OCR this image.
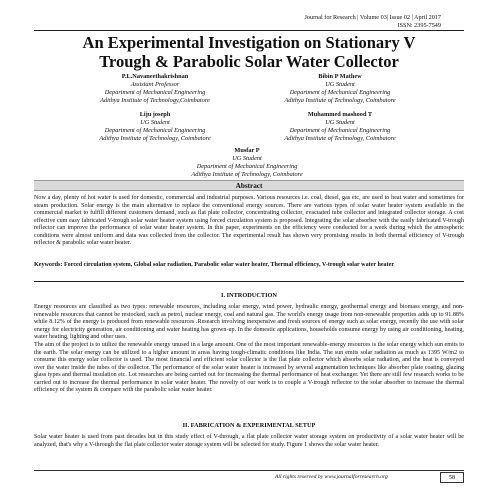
Journal for Research | Volume 03| Issue 02 | April 2017
ISSN: 2395-7549
An Experimental Investigation on Stationary V
Trough & Parabolic Solar Water Collector
P.L.Navaneethakrishnan
Assistant Professor
Department of Mechanical Engineering
Adithya Institute of Technology,Coimbatore
Bibin P Mathew
UG Student
Department of Mechanical Engineering
Adithya Institute of Technology, Coimbatore
Liju joseph
UG Student
Department of Mechanical Engineering
Adithya Institute of Technology, Coimbatore
Muhammed mashood T
UG Student
Department of Mechanical Engineering
Adithya Institute of Technology, Coimbatore
Musfar P
UG Student
Department of Mechanical Engineering
Adithya Institute of Technology, Coimbatore
Abstract
Now a day, plenty of hot water is used for domestic, commercial and industrial purposes. Various resources i.e. coal, diesel, gas etc, are used to heat water and sometimes for steam production. Solar energy is the main alternative to replace the conventional energy sources. There are various types of solar water heater system available in the commercial market to fulfill different customers demand, such as flat plate collector, concentrating collector, evacuated tube collector and integrated collector storage. A cost effective cum easy fabricated V-trough solar water heater system using forced circulation system is proposed. Integrating the solar absorber with the easily fabricated V-trough reflector can improve the performance of solar water heater system. In this paper, experiments on the efficiency were conducted for a week during which the atmospheric conditions were almost uniform and data was collected from the collector. The experimental result has shown very promising results in both thermal efficiency of V-trough reflector & parabolic solar water heater.
Keywords: Forced circulation system, Global solar radiation, Parabolic solar water heater, Thermal efficiency, V-trough solar water heater
I. INTRODUCTION
Energy resources are classified as two types: renewable resources, including solar energy, wind power, hydraulic energy, geothermal energy and biomass energy, and non-renewable resources that cannot be restocked, such as petrol, nuclear energy, coal and natural gas. The world's energy usage from non-renewable properties adds up to 91.88% while 8.12% of the energy is produced from renewable resources .Research involving inexpensive and fresh sources of energy such as solar energy, recently the use with solar energy for electricity generation, air conditioning and water heating has grown-up. In the domestic applications, households consume energy by using air conditioning, heating, water heating, lighting and other uses.
The aim of the project is to utilize the renewable energy unused in a large amount. One of the most important renewable-energy resources is the solar energy which sun emits to the earth. The solar energy can be utilized to a higher amount in areas having tough-climatic conditions like India. The sun emits solar radiation as much as 1395 W/m2 to consume this energy solar collector is used. The most financial and efficient solar collector is the flat plate collector which absorbs solar radiation, and the heat is conveyed over the water inside the tubes of the collector. The performance of the solar water heater is increased by several augmentation techniques like absorber plate coating, glazing glass types and thermal insulation etc. Lot researches are being carried out for increasing the thermal performance of heat exchanger. Yet there are still few research works to be carried out to increase the thermal performance in solar water heater. The novelty of our work is to couple a V-trough reflector to the solar absorber to increase the thermal efficiency of the system & compare with the parabolic solar water heater.
II. FABRICATION & EXPERIMENTAL SETUP
Solar water heater is used from past decades but in this study effect of V-through, a flat plate collector water storage system on productivity of a solar water heater will be analyzed, that's why a V-through the flat plate collector water storage system will be selected for study. Figure 1 shows the solar water heater.
All rights reserved by www.journalforresearch.org	58
